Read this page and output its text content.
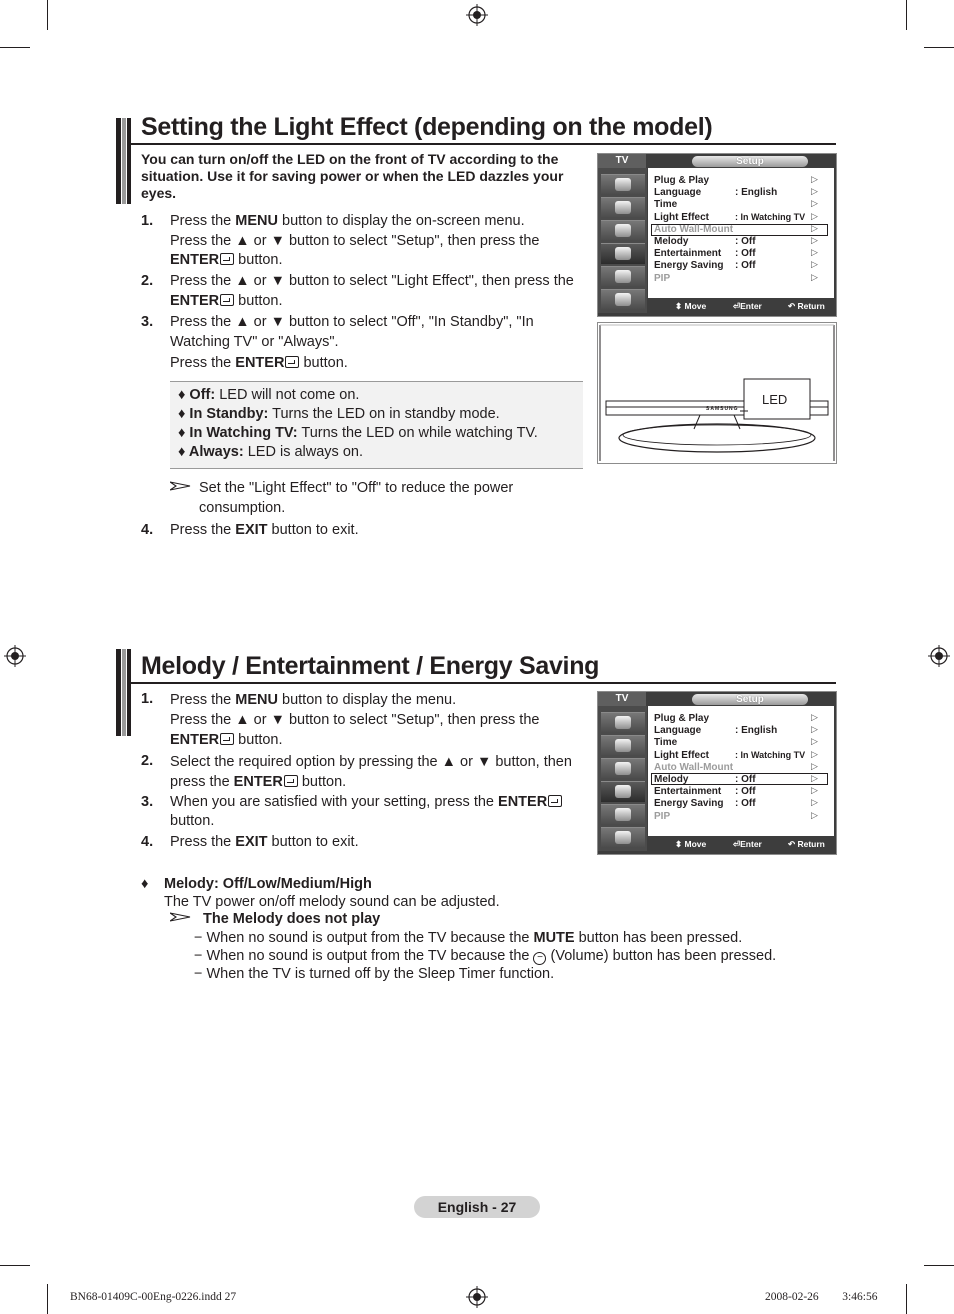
Setting the Light Effect (depending on the model)
You can turn on/off the LED on the front of TV according to the situation. Use it for saving power or when the LED dazzles your eyes.
1. Press the MENU button to display the on-screen menu.
Press the ▲ or ▼ button to select "Setup", then press the
ENTER button.
2. Press the ▲ or ▼ button to select "Light Effect", then press the
ENTER button.
3. Press the ▲ or ▼ button to select "Off", "In Standby", "In
Watching TV" or "Always".
Press the ENTER button.
♦ Off: LED will not come on.
♦ In Standby: Turns the LED on in standby mode.
♦ In Watching TV: Turns the LED on while watching TV.
♦ Always: LED is always on.
Set the "Light Effect" to "Off" to reduce the power
consumption.
4. Press the EXIT button to exit.
TV	Setup
⬍ Move	⏎Enter	↶ Return
Plug & Play	▷
Language	: English	▷
Time	▷
Light Effect	: In Watching TV ▷
Auto Wall-Mount	▷
Melody	: Off	▷
Entertainment : Off	▷
Energy Saving : Off	▷
PIP	▷
SAMSUNG
LED
Melody / Entertainment / Energy Saving
1. Press the MENU button to display the menu.
Press the ▲ or ▼ button to select "Setup", then press the
ENTER button.
2. Select the required option by pressing the ▲ or ▼ button, then
press the ENTER button.
3. When you are satisfied with your setting, press the ENTER
button.
4. Press the EXIT button to exit.
TV	Setup
⬍ Move	⏎Enter	↶ Return
Plug & Play	▷
Language	: English	▷
Time	▷
Light Effect	: In Watching TV ▷
Auto Wall-Mount	▷
Melody	: Off	▷
Entertainment : Off	▷
Energy Saving : Off	▷
PIP	▷
♦ Melody: Off/Low/Medium/High
The TV power on/off melody sound can be adjusted.
The Melody does not play
− When no sound is output from the TV because the MUTE button has been pressed.
− When no sound is output from the TV because the − (Volume) button has been pressed.
− When the TV is turned off by the Sleep Timer function.
English - 27
BN68-01409C-00Eng-0226.indd 27	2008-02-26 ￿￿ 3:46:56
